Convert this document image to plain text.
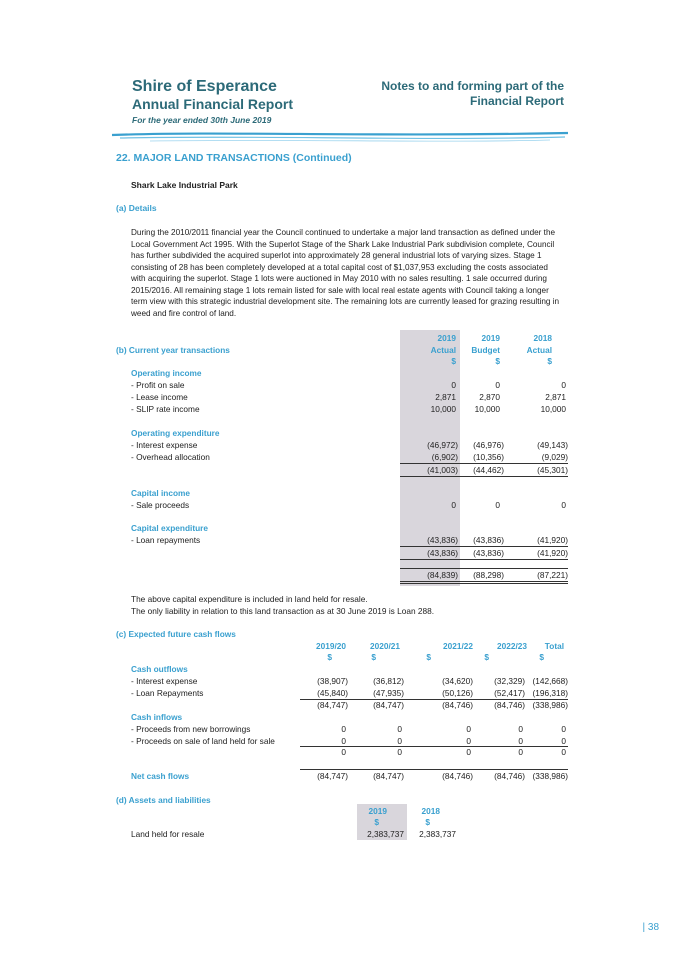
Shire of Esperance
Annual Financial Report
For the year ended 30th June 2019
Notes to and forming part of the
Financial Report
22. MAJOR LAND TRANSACTIONS (Continued)
Shark Lake Industrial Park
(a) Details
During the 2010/2011 financial year the Council continued to undertake a major land transaction as defined under the Local Government Act 1995. With the Superlot Stage of the Shark Lake Industrial Park subdivision complete, Council has further subdivided the acquired superlot into approximately 28 general industrial lots of varying sizes. Stage 1 consisting of 28 has been completely developed at a total capital cost of $1,037,953 excluding the costs associated with acquiring the superlot. Stage 1 lots were auctioned in May 2010 with no sales resulting. 1 sale occurred during 2015/2016. All remaining stage 1 lots remain listed for sale with local real estate agents with Council taking a longer term view with this strategic industrial development site. The remaining lots are currently leased for grazing resulting in weed and fire control of land.
2019	2019	2018
(b) Current year transactions	Actual	Budget	Actual
$	$	$
Operating income
- Profit on sale	0	0	0
- Lease income	2,871	2,870	2,871
- SLIP rate income	10,000	10,000	10,000
Operating expenditure
- Interest expense	(46,972)	(46,976)	(49,143)
- Overhead allocation	(6,902)	(10,356)	(9,029)
(41,003)	(44,462)	(45,301)
Capital income
- Sale proceeds	0	0	0
Capital expenditure
- Loan repayments	(43,836)	(43,836)	(41,920)
(43,836)	(43,836)	(41,920)
(84,839)	(88,298)	(87,221)
The above capital expenditure is included in land held for resale.
The only liability in relation to this land transaction as at 30 June 2019 is Loan 288.
(c) Expected future cash flows
2019/20	2020/21	2021/22	2022/23	Total
$	$	$	$	$
Cash outflows
- Interest expense	(38,907)	(36,812)	(34,620)	(32,329) (142,668)
- Loan Repayments	(45,840)	(47,935)	(50,126)	(52,417) (196,318)
(84,747)	(84,747)	(84,746)	(84,746) (338,986)
Cash inflows
- Proceeds from new borrowings	0	0	0	0	0
- Proceeds on sale of land held for sale	0	0	0	0	0
0	0	0	0	0
Net cash flows	(84,747)	(84,747)	(84,746)	(84,746) (338,986)
(d) Assets and liabilities
2019	2018
$	$
Land held for resale	2,383,737	2,383,737
| 38
